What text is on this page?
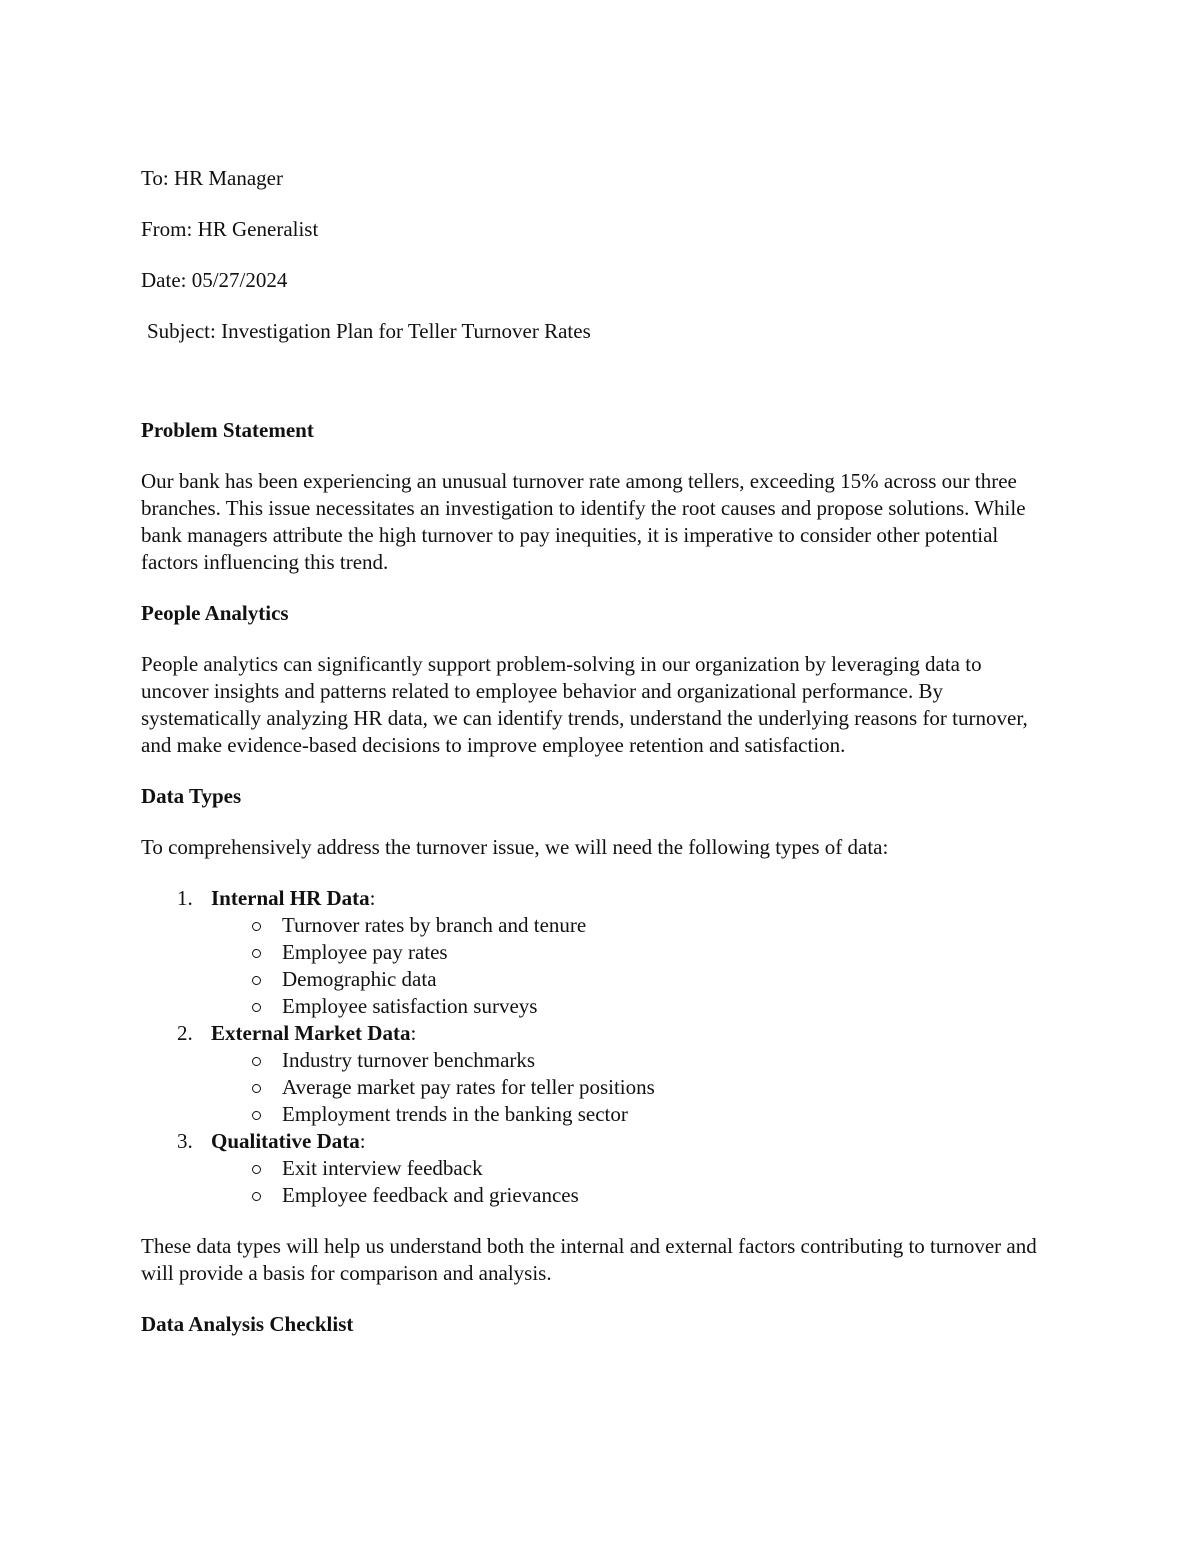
To: HR Manager
From: HR Generalist
Date: 05/27/2024
Subject: Investigation Plan for Teller Turnover Rates
Problem Statement
Our bank has been experiencing an unusual turnover rate among tellers, exceeding 15% across our three branches. This issue necessitates an investigation to identify the root causes and propose solutions. While bank managers attribute the high turnover to pay inequities, it is imperative to consider other potential factors influencing this trend.
People Analytics
People analytics can significantly support problem-solving in our organization by leveraging data to uncover insights and patterns related to employee behavior and organizational performance. By systematically analyzing HR data, we can identify trends, understand the underlying reasons for turnover, and make evidence-based decisions to improve employee retention and satisfaction.
Data Types
To comprehensively address the turnover issue, we will need the following types of data:
1. Internal HR Data:
Turnover rates by branch and tenure
Employee pay rates
Demographic data
Employee satisfaction surveys
2. External Market Data:
Industry turnover benchmarks
Average market pay rates for teller positions
Employment trends in the banking sector
3. Qualitative Data:
Exit interview feedback
Employee feedback and grievances
These data types will help us understand both the internal and external factors contributing to turnover and will provide a basis for comparison and analysis.
Data Analysis Checklist
